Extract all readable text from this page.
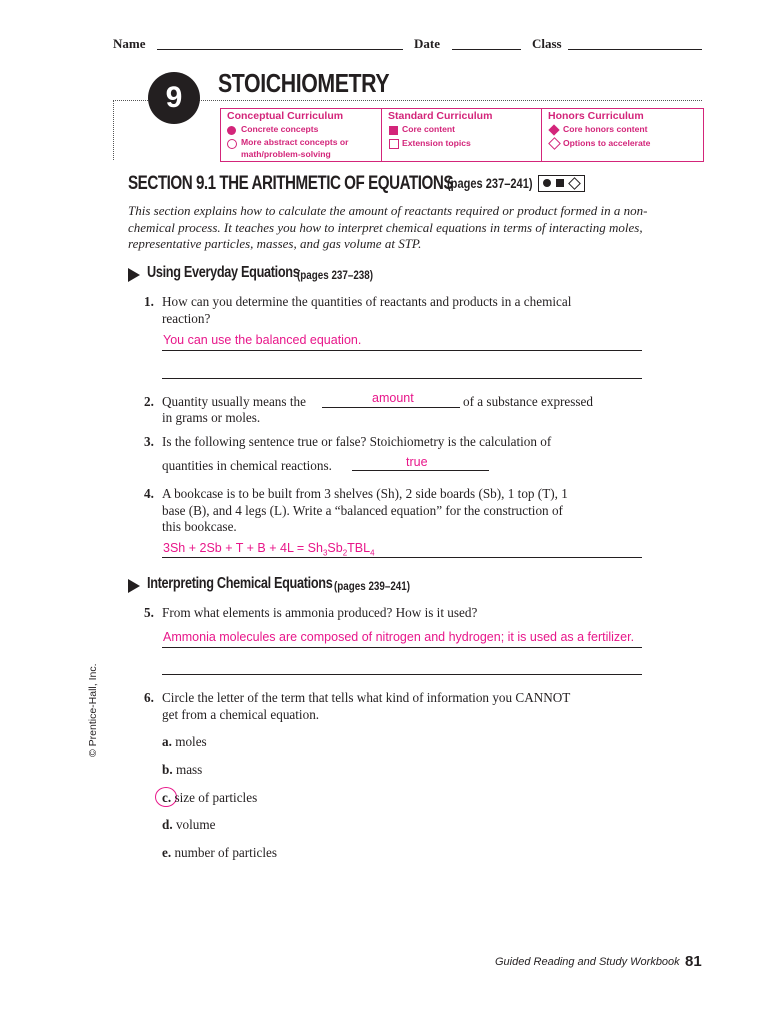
Name	Date	Class
9 STOICHIOMETRY
Conceptual Curriculum
Concrete concepts
More abstract concepts or
math/problem-solving
Standard Curriculum
Core content
Extension topics
Honors Curriculum
Core honors content
Options to accelerate
SECTION 9.1 THE ARITHMETIC OF EQUATIONS
(pages 237–241)
This section explains how to calculate the amount of reactants required or product formed in a non-
chemical process. It teaches you how to interpret chemical equations in terms of interacting moles,
representative particles, masses, and gas volume at STP.
Using Everyday Equations
(pages 237–238)
1. How can you determine the quantities of reactants and products in a chemical
reaction?
You can use the balanced equation.
2. Quantity usually means the	amount	of a substance expressed
in grams or moles.
3. Is the following sentence true or false? Stoichiometry is the calculation of
quantities in chemical reactions.	true
4. A bookcase is to be built from 3 shelves (Sh), 2 side boards (Sb), 1 top (T), 1
base (B), and 4 legs (L). Write a “balanced equation” for the construction of
this bookcase.
$3Sh + 2Sb + T + B + 4L = Sh_3Sb_2TBL_4$
Interpreting Chemical Equations (pages 239–241)
5. From what elements is ammonia produced? How is it used?
Ammonia molecules are composed of nitrogen and hydrogen; it is used as a fertilizer.
6. Circle the letter of the term that tells what kind of information you CANNOT
get from a chemical equation.
a. moles
b. mass
c. size of particles
d. volume
e. number of particles
© Prentice-Hall, Inc.
Guided Reading and Study Workbook 81
